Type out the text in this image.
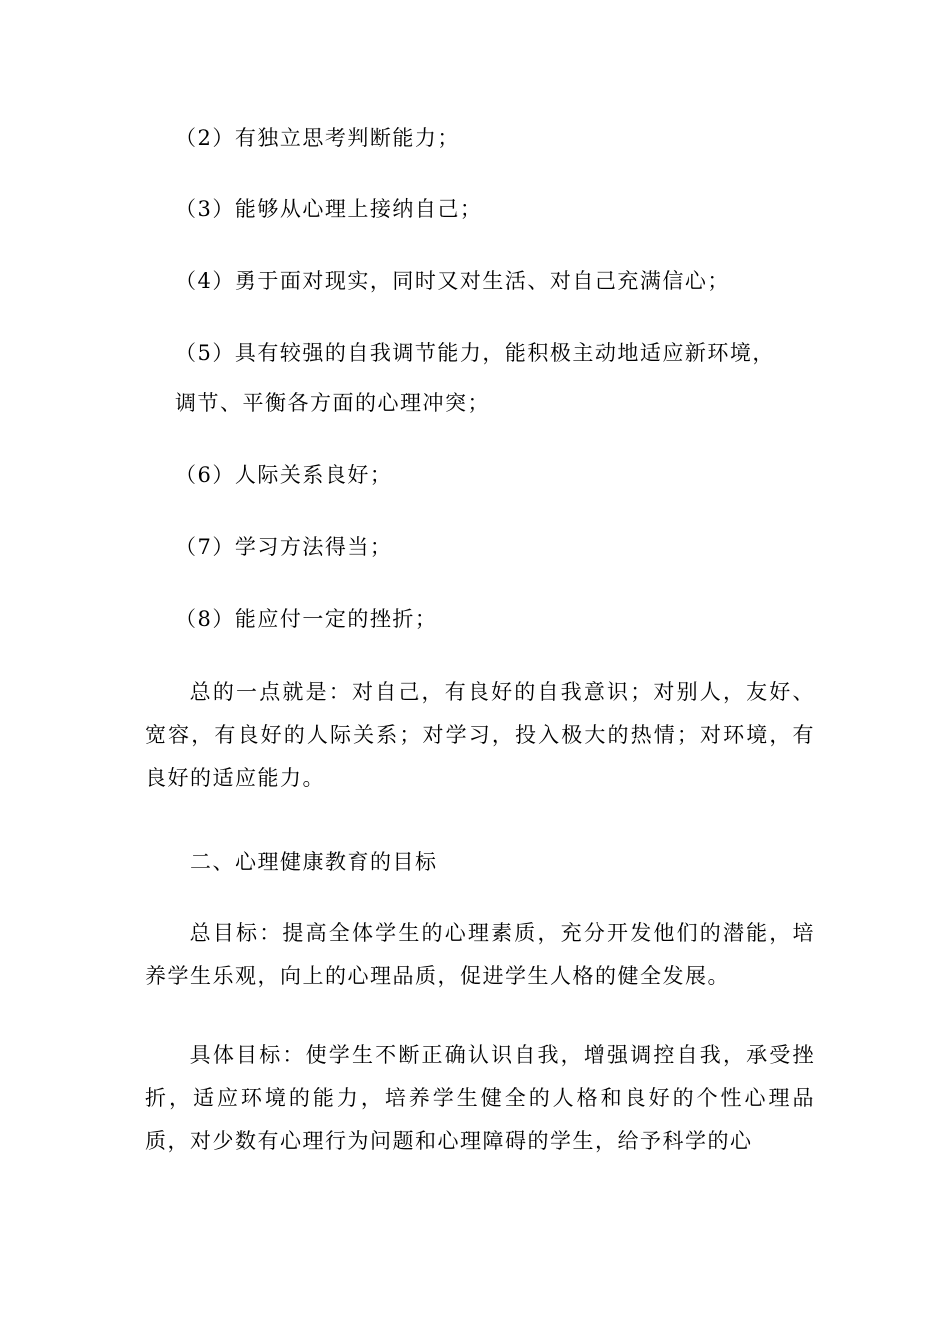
（2）有独立思考判断能力；
（3）能够从心理上接纳自己；
（4）勇于面对现实，同时又对生活、对自己充满信心；
（5）具有较强的自我调节能力，能积极主动地适应新环境，
调节、平衡各方面的心理冲突；
（6）人际关系良好；
（7）学习方法得当；
（8）能应付一定的挫折；
总的一点就是：对自己，有良好的自我意识；对别人，友好、宽容，有良好的人际关系；对学习，投入极大的热情；对环境，有良好的适应能力。
二、心理健康教育的目标
总目标：提高全体学生的心理素质，充分开发他们的潜能，培养学生乐观，向上的心理品质，促进学生人格的健全发展。
具体目标：使学生不断正确认识自我，增强调控自我，承受挫折，适应环境的能力，培养学生健全的人格和良好的个性心理品质，对少数有心理行为问题和心理障碍的学生，给予科学的心
